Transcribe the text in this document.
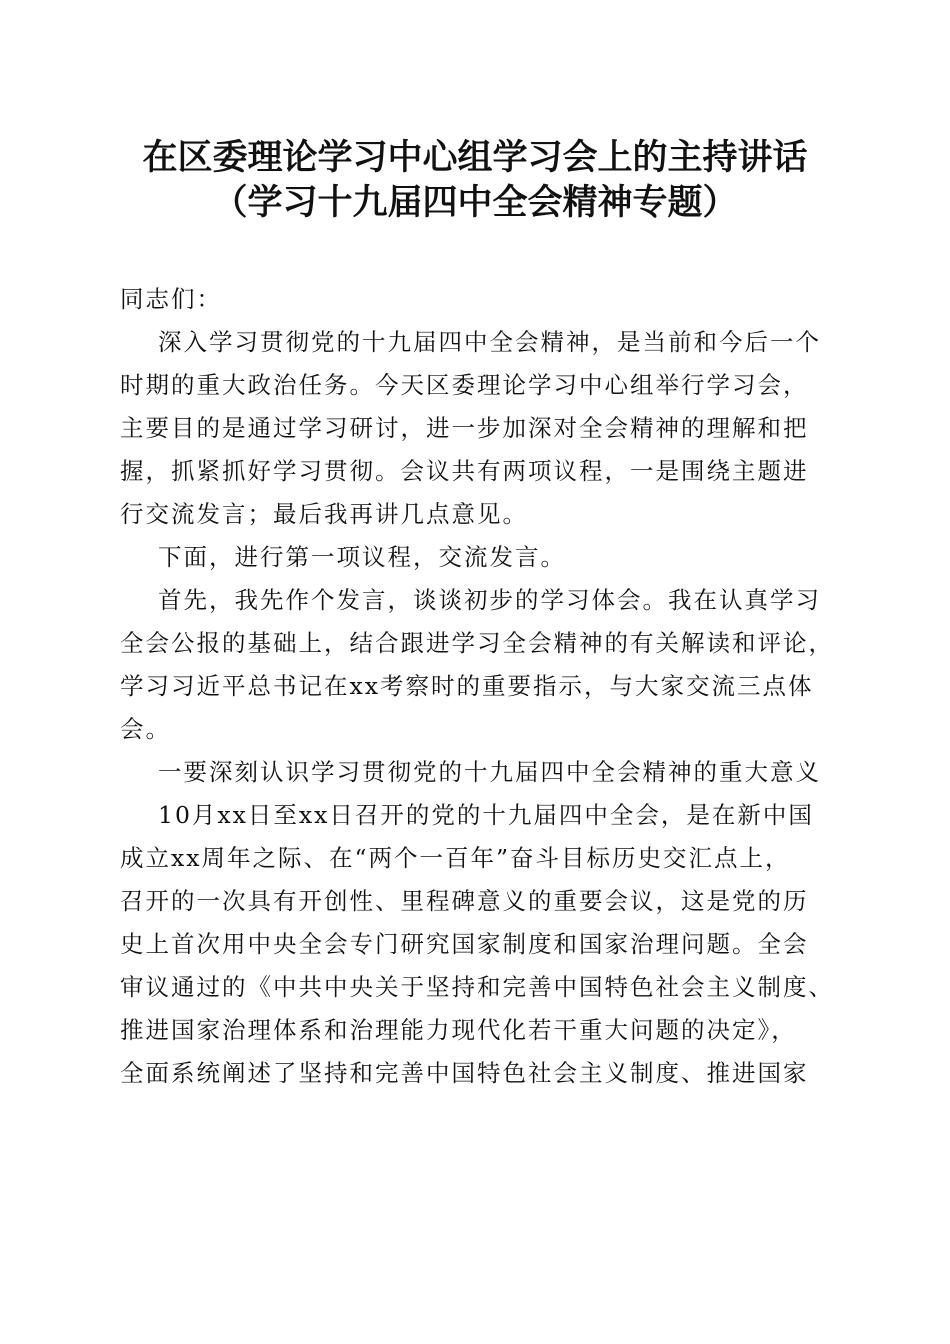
在区委理论学习中心组学习会上的主持讲话
（学习十九届四中全会精神专题）
同志们：
深入学习贯彻党的十九届四中全会精神，是当前和今后一个
时期的重大政治任务。今天区委理论学习中心组举行学习会，
主要目的是通过学习研讨，进一步加深对全会精神的理解和把
握，抓紧抓好学习贯彻。会议共有两项议程，一是围绕主题进
行交流发言；最后我再讲几点意见。
下面，进行第一项议程，交流发言。
首先，我先作个发言，谈谈初步的学习体会。我在认真学习
全会公报的基础上，结合跟进学习全会精神的有关解读和评论，
学习习近平总书记在xx考察时的重要指示，与大家交流三点体
会。
一要深刻认识学习贯彻党的十九届四中全会精神的重大意义
10月xx日至xx日召开的党的十九届四中全会，是在新中国
成立xx周年之际、在“两个一百年”奋斗目标历史交汇点上，
召开的一次具有开创性、里程碑意义的重要会议，这是党的历
史上首次用中央全会专门研究国家制度和国家治理问题。全会
审议通过的《中共中央关于坚持和完善中国特色社会主义制度、
推进国家治理体系和治理能力现代化若干重大问题的决定》，
全面系统阐述了坚持和完善中国特色社会主义制度、推进国家
